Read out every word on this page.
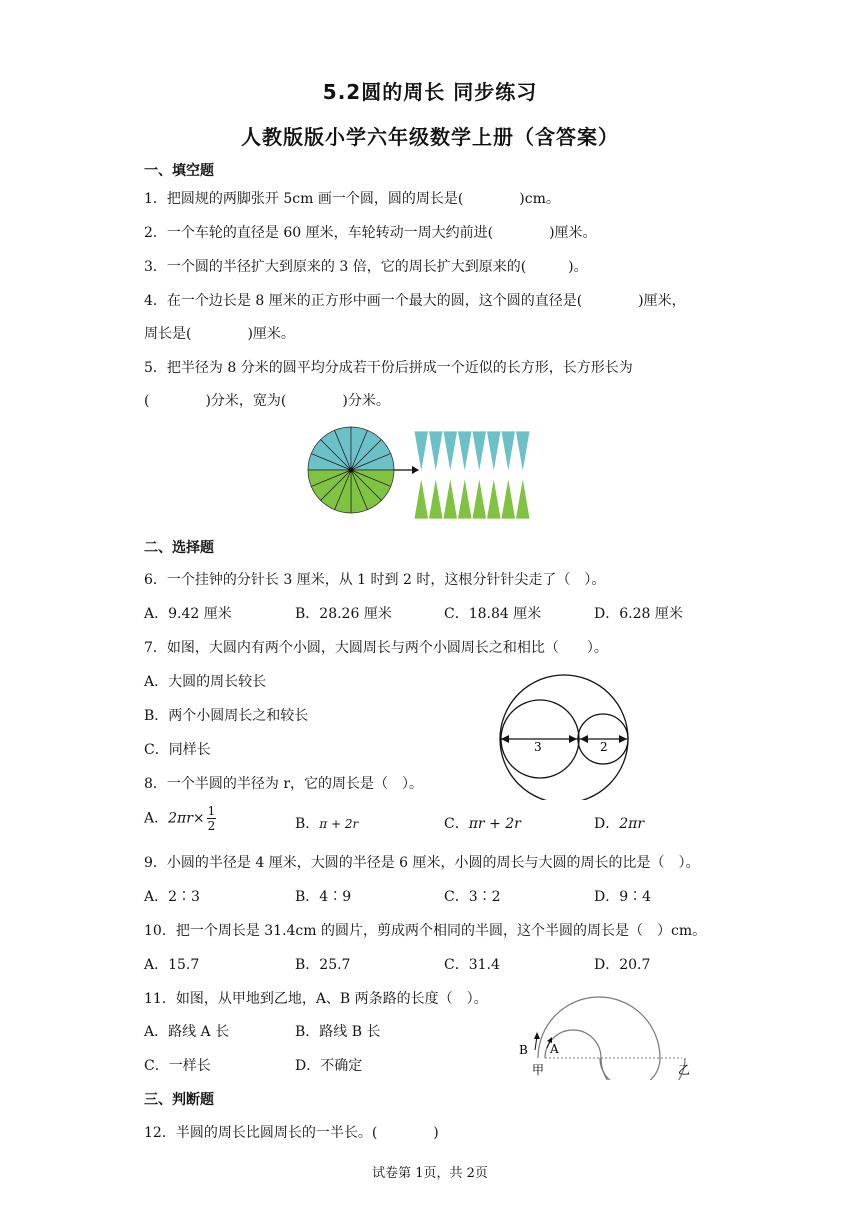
5.2圆的周长 同步练习
人教版版小学六年级数学上册（含答案）
一、填空题
1．把圆规的两脚张开 5cm 画一个圆，圆的周长是(　　　　)cm。
2．一个车轮的直径是 60 厘米，车轮转动一周大约前进(　　　　)厘米。
3．一个圆的半径扩大到原来的 3 倍，它的周长扩大到原来的(　　　)。
4．在一个边长是 8 厘米的正方形中画一个最大的圆，这个圆的直径是(　　　　)厘米，
周长是(　　　　)厘米。
5．把半径为 8 分米的圆平均分成若干份后拼成一个近似的长方形，长方形长为
(　　　　)分米，宽为(　　　　)分米。
二、选择题
6．一个挂钟的分针长 3 厘米，从 1 时到 2 时，这根分针针尖走了（　）。
A．9.42 厘米	B．28.26 厘米	C．18.84 厘米	D．6.28 厘米
7．如图，大圆内有两个小圆，大圆周长与两个小圆周长之和相比（　　）。
A．大圆的周长较长
B．两个小圆周长之和较长
C．同样长	3	2
8．一个半圆的半径为 r，它的周长是（　）。
A．$2\pi r\times \frac{1}{2}$	B．π + 2r	C．πr + 2r	D．2πr
9．小圆的半径是 4 厘米，大圆的半径是 6 厘米，小圆的周长与大圆的周长的比是（　）。
A．2∶3	B．4∶9	C．3∶2	D．9∶4
10．把一个周长是 31.4cm 的圆片，剪成两个相同的半圆，这个半圆的周长是（　）cm。
A．15.7	B．25.7	C．31.4	D．20.7
11．如图，从甲地到乙地，A、B 两条路的长度（　）。
A．路线 A 长	B．路线 B 长
C．一样长	D．不确定
B A
甲	乙
三、判断题
12．半圆的周长比圆周长的一半长。(　　　　)
试卷第 1页，共 2页
